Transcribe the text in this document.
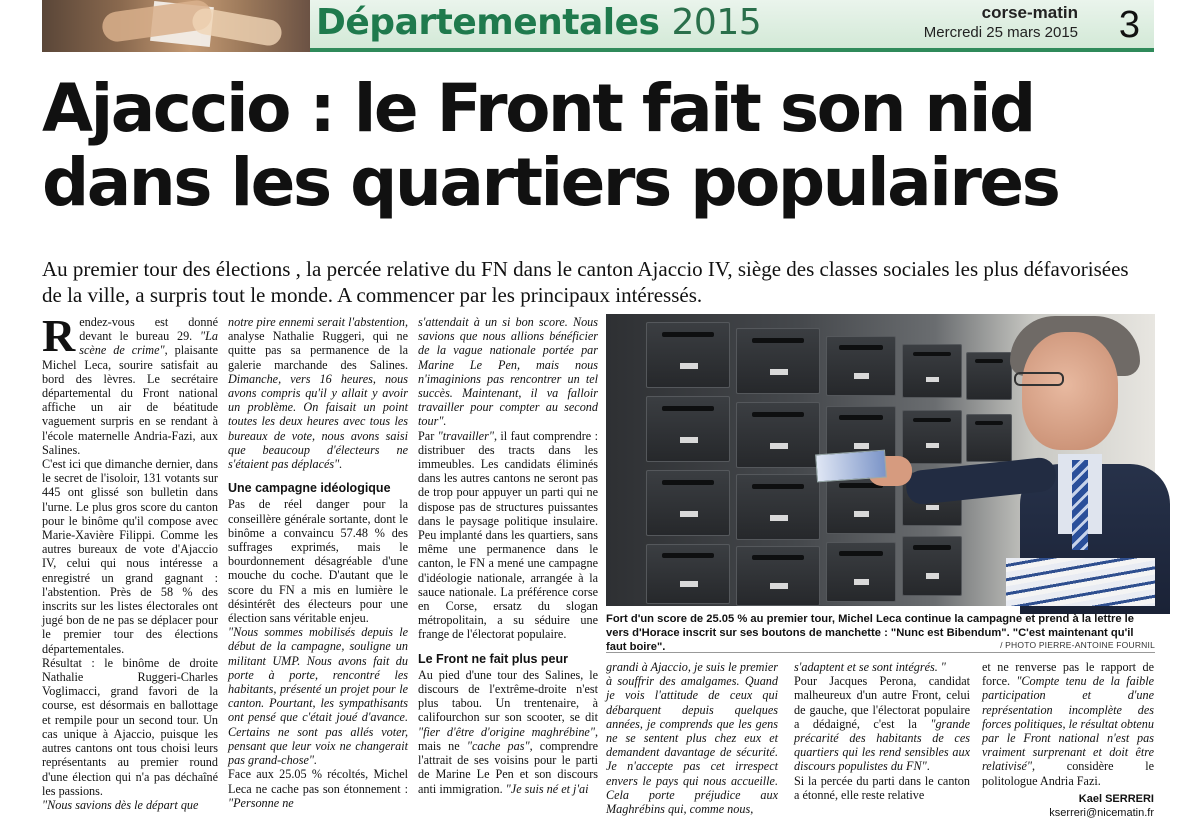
Départementales 2015	corse-matin
Mercredi 25 mars 2015 3
Ajaccio : le Front fait son nid
dans les quartiers populaires
Au premier tour des élections , la percée relative du FN dans le canton Ajaccio IV, siège des classes sociales les plus défavorisées de la ville, a surpris tout le monde. A commencer par les principaux intéressés.

Rendez-vous est donné devant le bureau 29. "La scène de crime", plaisante Michel Leca, sourire satisfait au bord des lèvres. Le secrétaire départemental du Front national affiche un air de béatitude vaguement surpris en se rendant à l'école maternelle Andria-Fazi, aux Salines.

C'est ici que dimanche dernier, dans le secret de l'isoloir, 131 votants sur 445 ont glissé son bulletin dans l'urne. Le plus gros score du canton pour le binôme qu'il compose avec Marie-Xavière Filippi. Comme les autres bureaux de vote d'Ajaccio IV, celui qui nous intéresse a enregistré un grand gagnant : l'abstention. Près de 58 % des inscrits sur les listes électorales ont jugé bon de ne pas se déplacer pour le premier tour des élections départementales.

Résultat : le binôme de droite Nathalie Ruggeri-Charles Voglimacci, grand favori de la course, est désormais en ballottage et rempile pour un second tour. Un cas unique à Ajaccio, puisque les autres cantons ont tous choisi leurs représentants au premier round d'une élection qui n'a pas déchaîné les passions.

"Nous savions dès le départ que

notre pire ennemi serait l'abstention, analyse Nathalie Ruggeri, qui ne quitte pas sa permanence de la galerie marchande des Salines. Dimanche, vers 16 heures, nous avons compris qu'il y allait y avoir un problème. On faisait un point toutes les deux heures avec tous les bureaux de vote, nous avons saisi que beaucoup d'électeurs ne s'étaient pas déplacés".

Une campagne idéologique

Pas de réel danger pour la conseillère générale sortante, dont le binôme a convaincu 57.48 % des suffrages exprimés, mais le bourdonnement désagréable d'une mouche du coche. D'autant que le score du FN a mis en lumière le désintérêt des électeurs pour une élection sans véritable enjeu.

"Nous sommes mobilisés depuis le début de la campagne, souligne un militant UMP. Nous avons fait du porte à porte, rencontré les habitants, présenté un projet pour le canton. Pourtant, les sympathisants ont pensé que c'était joué d'avance. Certains ne sont pas allés voter, pensant que leur voix ne changerait pas grand-chose".

Face aux 25.05 % récoltés, Michel Leca ne cache pas son étonnement : "Personne ne

s'attendait à un si bon score. Nous savions que nous allions bénéficier de la vague nationale portée par Marine Le Pen, mais nous n'imaginions pas rencontrer un tel succès. Maintenant, il va falloir travailler pour compter au second tour".

Par "travailler", il faut comprendre : distribuer des tracts dans les immeubles. Les candidats éliminés dans les autres cantons ne seront pas de trop pour appuyer un parti qui ne dispose pas de structures puissantes dans le paysage politique insulaire. Peu implanté dans les quartiers, sans même une permanence dans le canton, le FN a mené une campagne d'idéologie nationale, arrangée à la sauce nationale. La préférence corse en Corse, ersatz du slogan métropolitain, a su séduire une frange de l'électorat populaire.

Le Front ne fait plus peur

Au pied d'une tour des Salines, le discours de l'extrême-droite n'est plus tabou. Un trentenaire, à califourchon sur son scooter, se dit "fier d'être d'origine maghrébine", mais ne "cache pas", comprendre l'attrait de ses voisins pour le parti de Marine Le Pen et son discours anti immigration. "Je suis né et j'ai

Fort d'un score de 25.05 % au premier tour, Michel Leca continue la campagne et prend à la lettre le vers d'Horace inscrit sur ses boutons de manchette : "Nunc est Bibendum". "C'est maintenant qu'il faut boire".	/ PHOTO PIERRE-ANTOINE FOURNIL

grandi à Ajaccio, je suis le premier à souffrir des amalgames. Quand je vois l'attitude de ceux qui débarquent depuis quelques années, je comprends que les gens ne se sentent plus chez eux et demandent davantage de sécurité. Je n'accepte pas cet irrespect envers le pays qui nous accueille. Cela porte préjudice aux Maghrébins qui, comme nous,

s'adaptent et se sont intégrés. "

Pour Jacques Perona, candidat malheureux d'un autre Front, celui de gauche, que l'électorat populaire a dédaigné, c'est la "grande précarité des habitants de ces quartiers qui les rend sensibles aux discours populistes du FN".

Si la percée du parti dans le canton a étonné, elle reste relative

et ne renverse pas le rapport de force. "Compte tenu de la faible participation et d'une représentation incomplète des forces politiques, le résultat obtenu par le Front national n'est pas vraiment surprenant et doit être relativisé", considère le politologue Andria Fazi.

Kael SERRERI
kserreri@nicematin.fr
